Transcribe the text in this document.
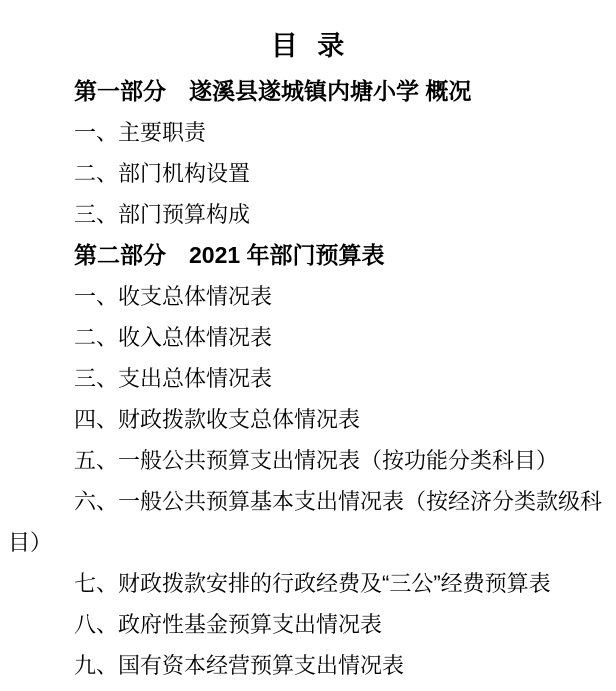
目 录

第一部分　遂溪县遂城镇内塘小学 概况

一、主要职责

二、部门机构设置

三、部门预算构成

第二部分　2021 年部门预算表

一、收支总体情况表

二、收入总体情况表

三、支出总体情况表

四、财政拨款收支总体情况表

五、一般公共预算支出情况表（按功能分类科目）

六、一般公共预算基本支出情况表（按经济分类款级科

目）

七、财政拨款安排的行政经费及“三公”经费预算表

八、政府性基金预算支出情况表

九、国有资本经营预算支出情况表
